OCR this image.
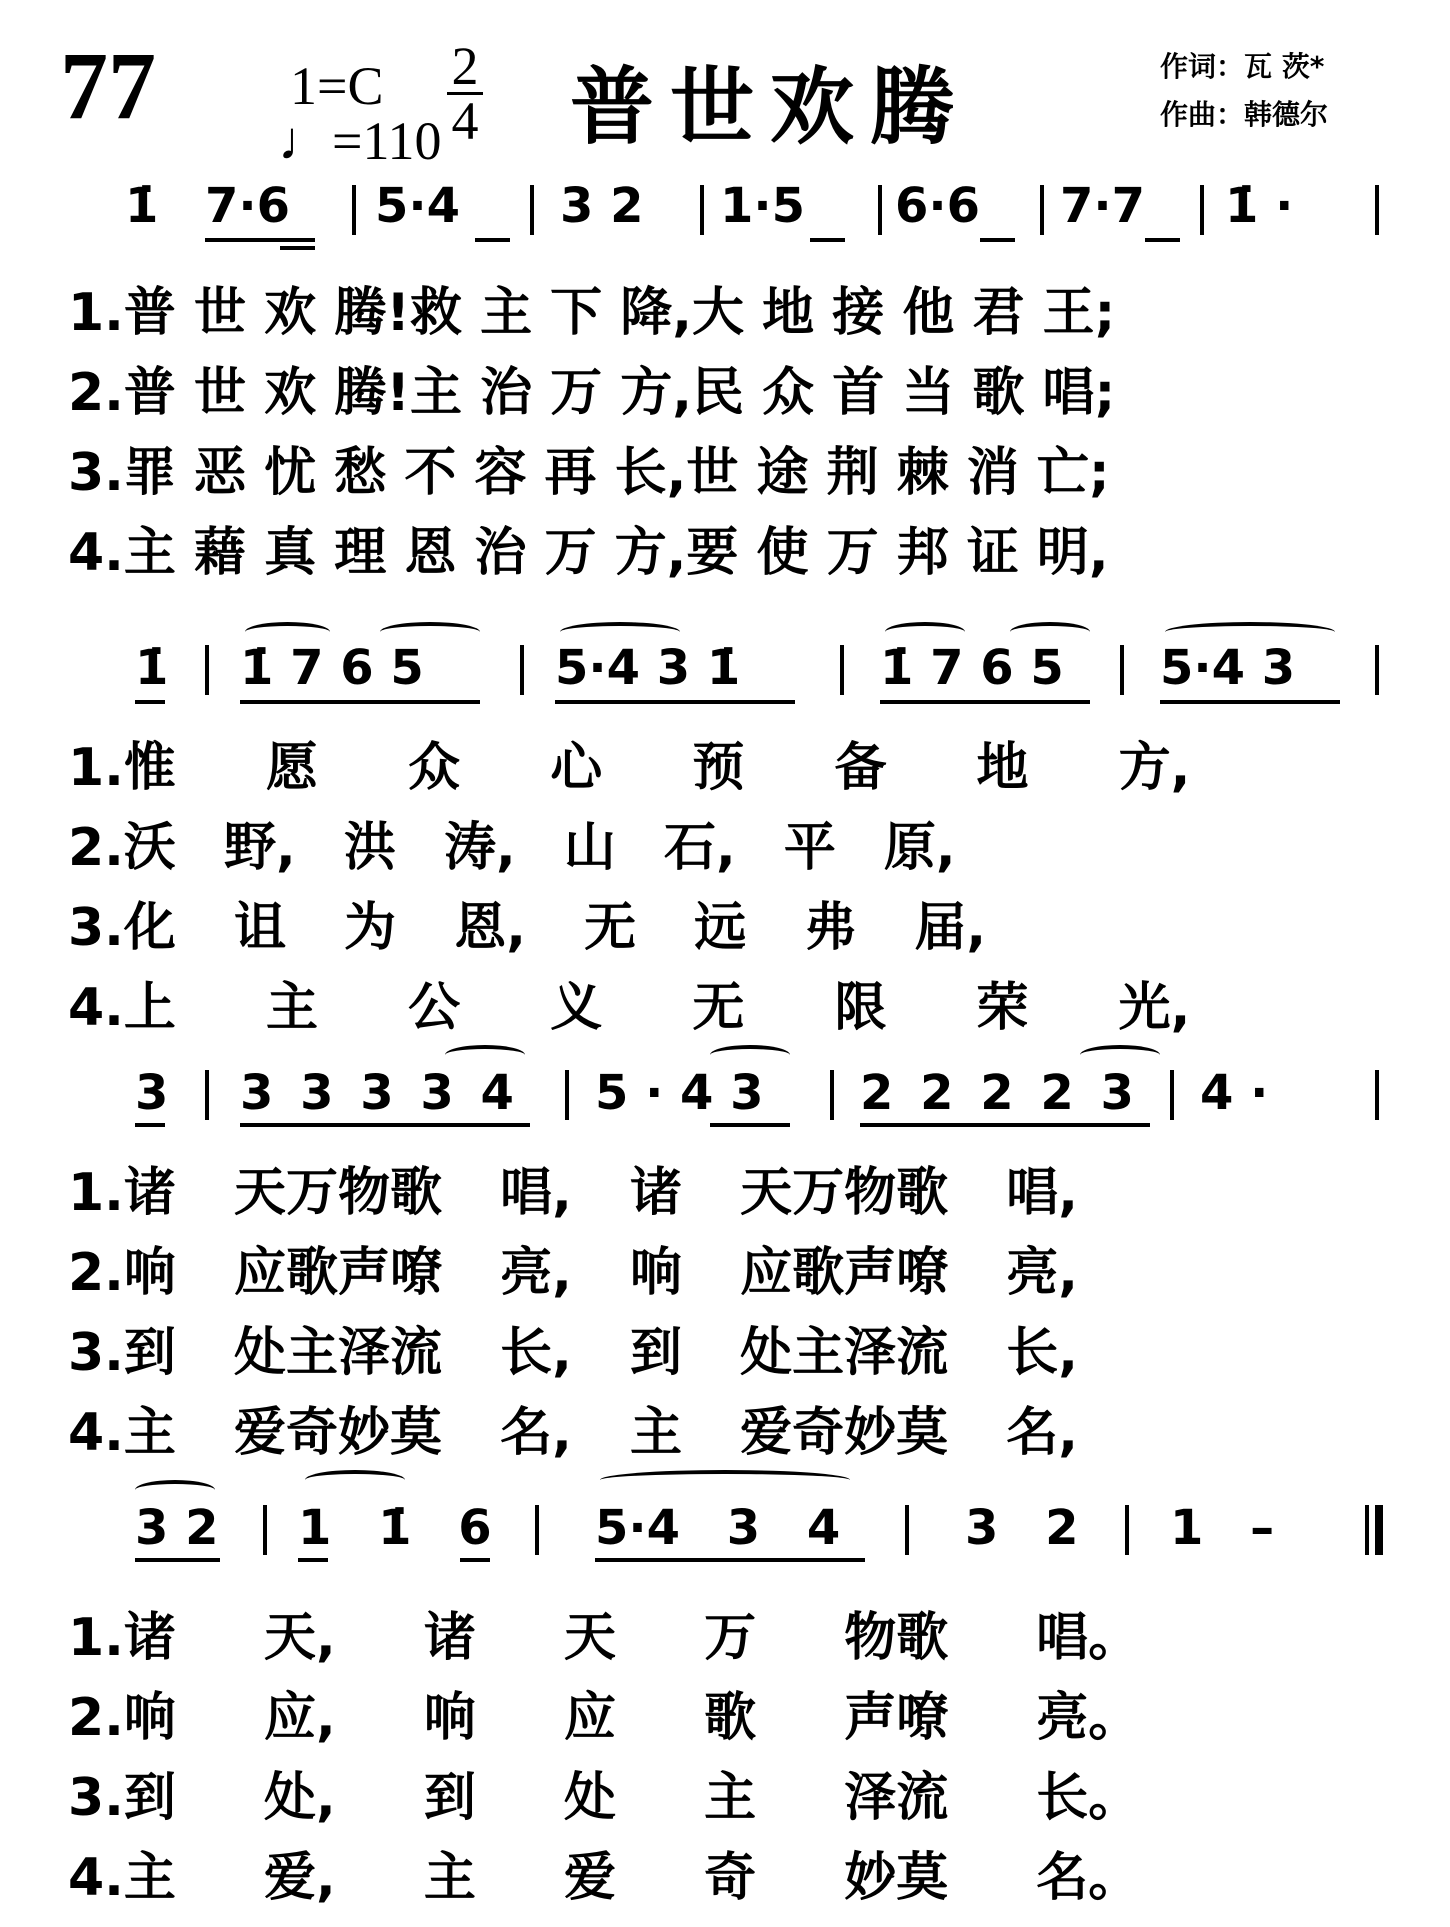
77 1=C
♩=110
2
4 普世欢腾	作词：瓦 茨*
作曲：韩德尔
1̇ 7·6 5·4 3 2 1·5 6·6 7·7 1̇ ·
1.普 世 欢 腾!救 主 下 降,大 地 接 他 君 王;
2.普 世 欢 腾!主 治 万 方,民 众 首 当 歌 唱;
3.罪 恶 忧 愁 不 容 再 长,世 途 荆 棘 消 亡;
4.主 藉 真 理 恩 治 万 方,要 使 万 邦 证 明,
1̇ 1̇ 7 6 5	5·4 3 1̇	1̇ 7 6 5 5·4 3
1.惟 愿 众 心 预 备 地 方,
2.沃 野, 洪 涛, 山 石, 平 原,
3.化 诅 为 恩, 无 远 弗 届,
4.上 主 公 义 无 限 荣 光,
3 3 3 3 3 4 5 · 4 3 2 2 2 2 3 4 ·
1.诸 天万物歌 唱, 诸 天万物歌 唱,
2.响 应歌声嘹 亮, 响 应歌声嘹 亮,
3.到 处主泽流 长, 到 处主泽流 长,
4.主 爱奇妙莫 名, 主 爱奇妙莫 名,
3 2 1 1̇ 6 5·4 3 4	3 2 1 –
1.诸 天, 诸 天 万 物歌 唱。
2.响 应, 响 应 歌 声嘹 亮。
3.到 处, 到 处 主 泽流 长。
4.主 爱, 主 爱 奇 妙莫 名。
